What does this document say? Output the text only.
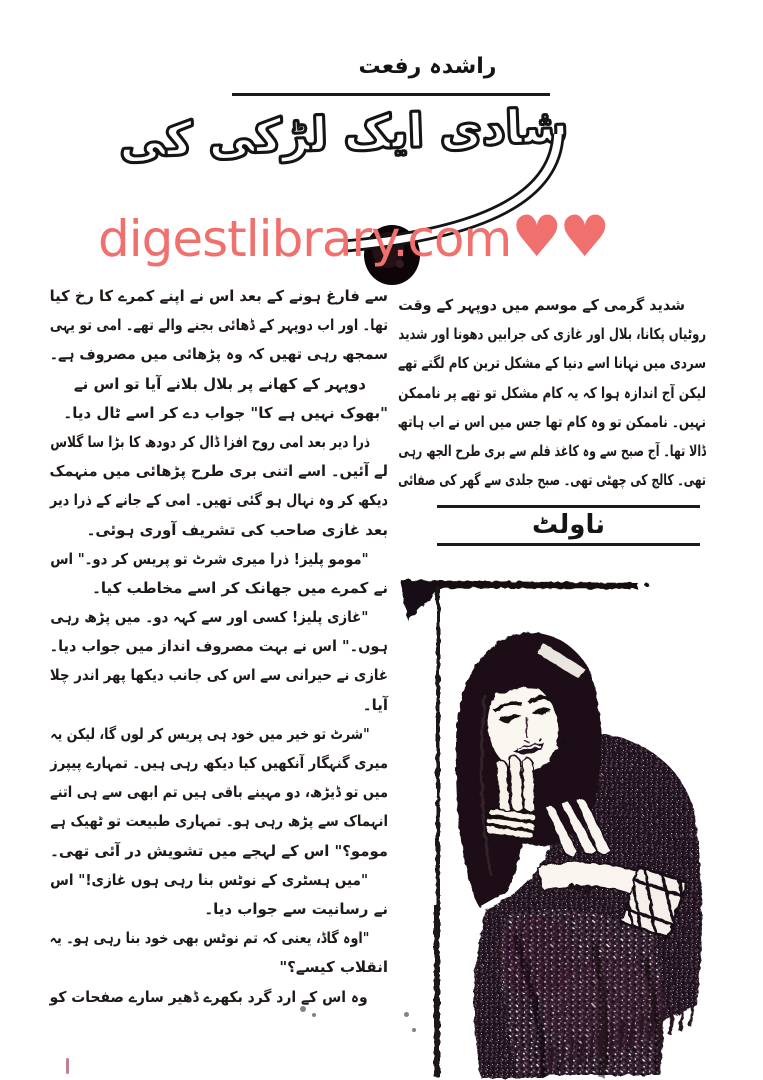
راشدہ رفعت
شادی ایک لڑکی کی
digestlibrary.com♥♥
سے فارغ ہونے کے بعد اس نے اپنے کمرے کا رخ کیا
تھا۔ اور اب دوپہر کے ڈھائی بجنے والے تھے۔ امی تو یہی
سمجھ رہی تھیں کہ وہ پڑھائی میں مصروف ہے۔
دوپہر کے کھانے پر بلال بلانے آیا تو اس نے
"بھوک نہیں ہے کا" جواب دے کر اسے ٹال دیا۔
ذرا دیر بعد امی روح افزا ڈال کر دودھ کا بڑا سا گلاس
لے آئیں۔ اسے اتنی بری طرح پڑھائی میں منہمک
دیکھ کر وہ نہال ہو گئی تھیں۔ امی کے جانے کے ذرا دیر
بعد غازی صاحب کی تشریف آوری ہوئی۔
"مومو پلیز! ذرا میری شرٹ تو پریس کر دو۔" اس
نے کمرے میں جھانک کر اسے مخاطب کیا۔
"غازی پلیز! کسی اور سے کہہ دو۔ میں پڑھ رہی
ہوں۔" اس نے بہت مصروف انداز میں جواب دیا۔
غازی نے حیرانی سے اس کی جانب دیکھا پھر اندر چلا
آیا۔
"شرٹ تو خیر میں خود ہی پریس کر لوں گا، لیکن یہ
میری گنہگار آنکھیں کیا دیکھ رہی ہیں۔ تمہارے پیپرز
میں تو ڈیڑھ، دو مہینے باقی ہیں تم ابھی سے ہی اتنے
انہماک سے پڑھ رہی ہو۔ تمہاری طبیعت تو ٹھیک ہے
مومو؟" اس کے لہجے میں تشویش در آئی تھی۔
"میں ہسٹری کے نوٹس بنا رہی ہوں غازی!" اس
نے رسانیت سے جواب دیا۔
"اوہ گاڈ، یعنی کہ تم نوٹس بھی خود بنا رہی ہو۔ یہ
انقلاب کیسے؟"
وہ اس کے ارد گرد بکھرے ڈھیر سارے صفحات کو
شدید گرمی کے موسم میں دوپہر کے وقت
روٹیاں پکانا، بلال اور غازی کی جرابیں دھونا اور شدید
سردی میں نہانا اسے دنیا کے مشکل ترین کام لگتے تھے
لیکن آج اندازہ ہوا کہ یہ کام مشکل تو تھے پر ناممکن
نہیں۔ ناممکن تو وہ کام تھا جس میں اس نے اب ہاتھ
ڈالا تھا۔ آج صبح سے وہ کاغذ قلم سے بری طرح الجھ رہی
تھی۔ کالج کی چھٹی تھی۔ صبح جلدی سے گھر کی صفائی
ناولٹ
